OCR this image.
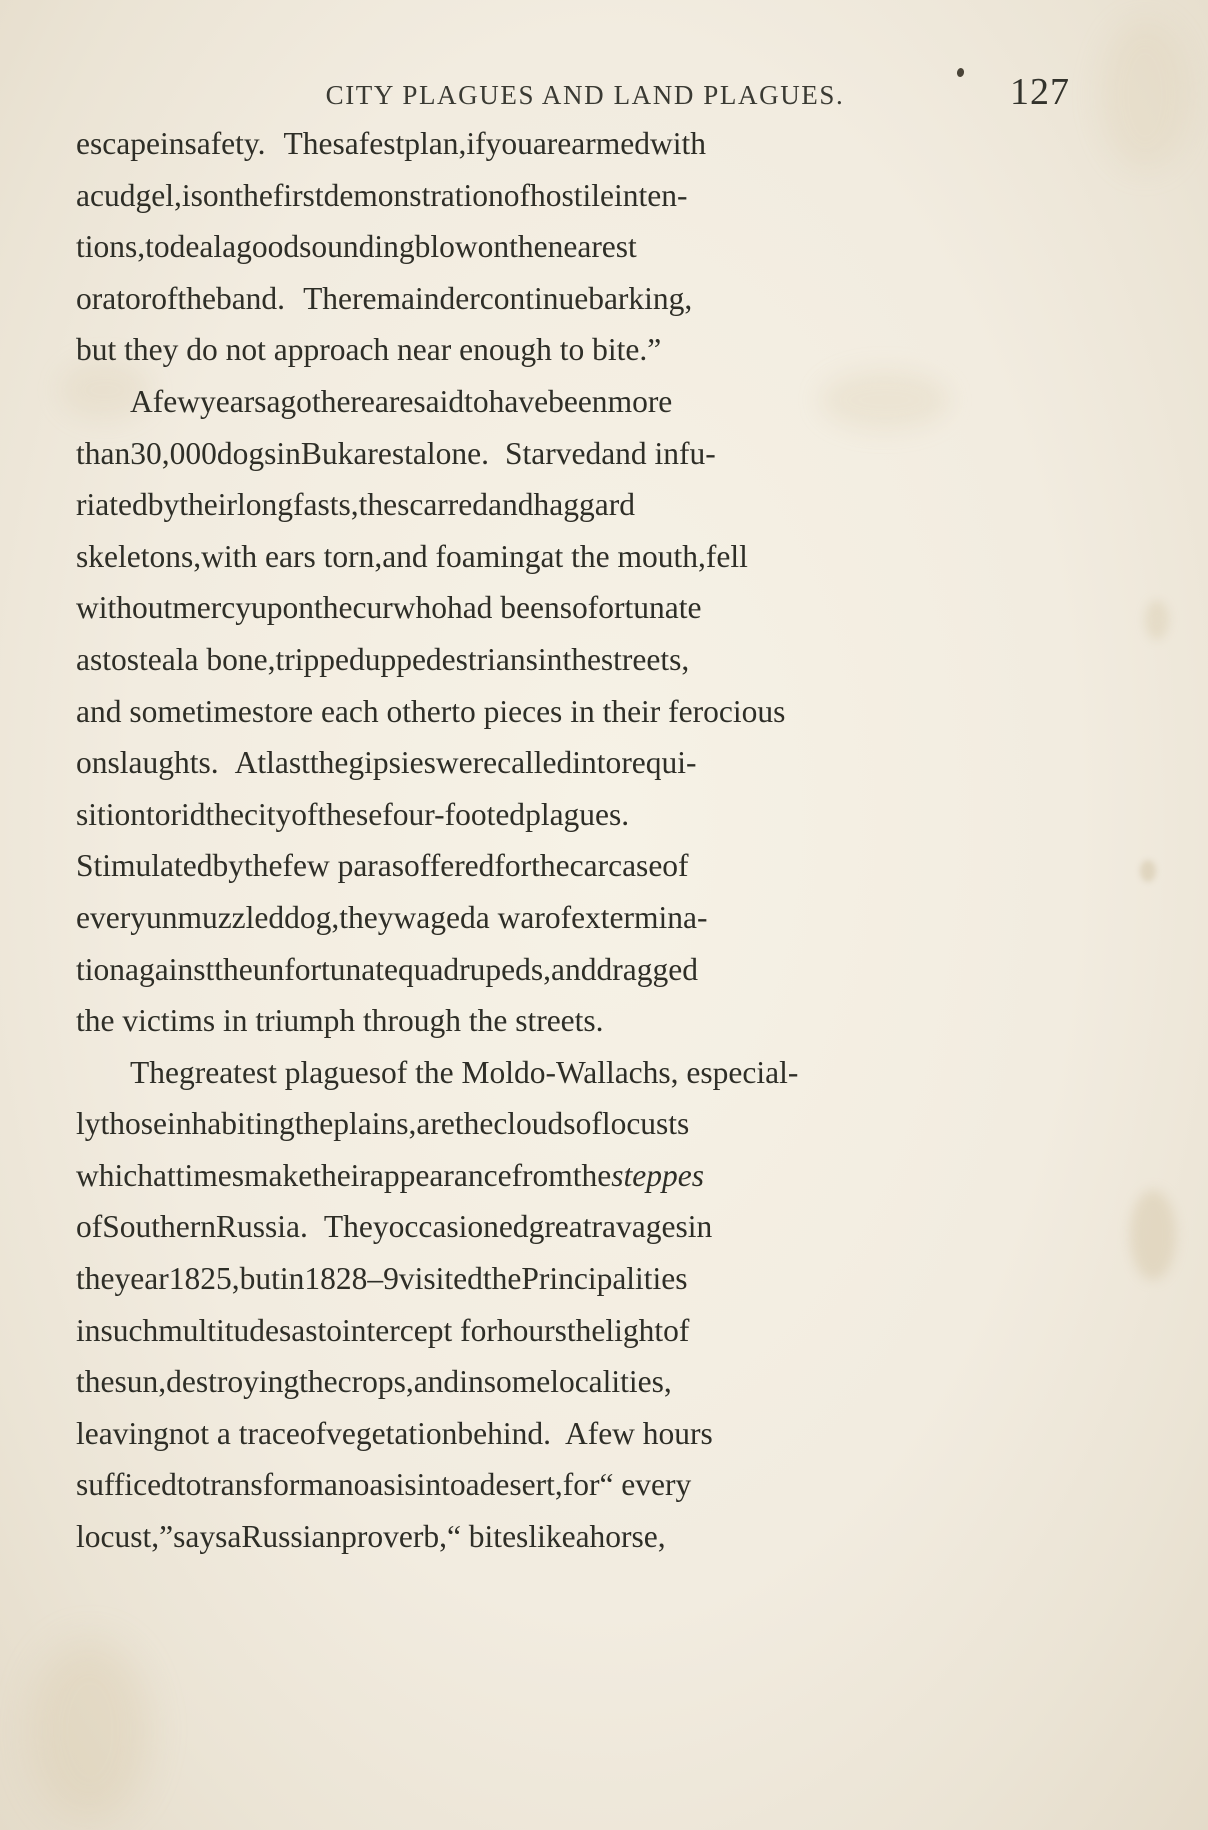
CITY PLAGUES AND LAND PLAGUES.	127

escapeinsafety. Thesafestplan,ifyouarearmedwith
acudgel,isonthefirstdemonstrationofhostileinten-
tions,todealagoodsoundingblowonthenearest
oratoroftheband. Theremaindercontinuebarking,
but they do not approach near enough to bite.”

Afewyearsagotherearesaidtohavebeenmore
than30,000dogsinBukarestalone. Starvedand infu-
riatedbytheirlongfasts,thescarredandhaggard
skeletons,with ears torn,and foamingat the mouth,fell
withoutmercyuponthecurwhohad beensofortunate
astosteala bone,trippeduppedestriansinthestreets,
and sometimestore each otherto pieces in their ferocious
onslaughts. Atlastthegipsieswerecalledintorequi-
sitiontoridthecityofthesefour-footedplagues.
Stimulatedbythefew parasofferedforthecarcaseof
everyunmuzzleddog,theywageda warofextermina-
tionagainsttheunfortunatequadrupeds,anddragged
the victims in triumph through the streets.

Thegreatest plaguesof the Moldo-Wallachs, especial-
lythoseinhabitingtheplains,arethecloudsoflocusts
whichattimesmaketheirappearancefromthesteppes
ofSouthernRussia. Theyoccasionedgreatravagesin
theyear1825,butin1828–9visitedthePrincipalities
insuchmultitudesastointercept forhoursthelightof
thesun,destroyingthecrops,andinsomelocalities,
leavingnot a traceofvegetationbehind. Afew hours
sufficedtotransformanoasisintoadesert,for“ every
locust,”saysaRussianproverb,“ biteslikeahorse,
